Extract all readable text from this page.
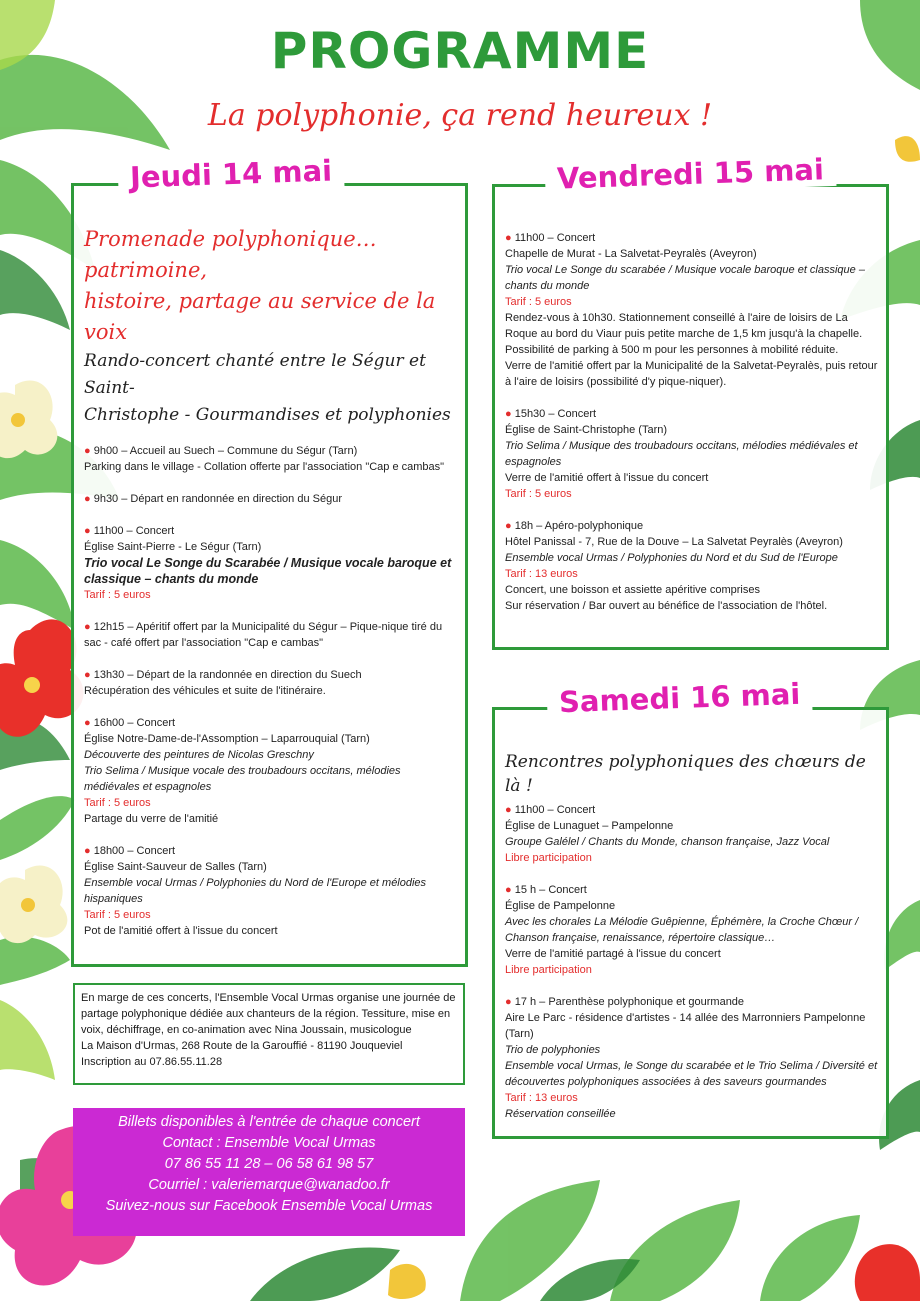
PROGRAMME

La polyphonie, ça rend heureux !

Jeudi 14 mai
Promenade polyphonique… patrimoine,
histoire, partage au service de la voix
Rando-concert chanté entre le Ségur et Saint-
Christophe - Gourmandises et polyphonies
● 9h00 – Accueil au Suech – Commune du Ségur (Tarn)
Parking dans le village - Collation offerte par l'association "Cap e cambas"
● 9h30 – Départ en randonnée en direction du Ségur
● 11h00 – Concert
Église Saint-Pierre - Le Ségur (Tarn)
Trio vocal Le Songe du Scarabée / Musique vocale baroque et classique – chants du monde
Tarif : 5 euros
● 12h15 – Apéritif offert par la Municipalité du Ségur – Pique-nique tiré du sac - café offert par l'association "Cap e cambas"
● 13h30 – Départ de la randonnée en direction du Suech
Récupération des véhicules et suite de l'itinéraire.
● 16h00 – Concert
Église Notre-Dame-de-l'Assomption – Laparrouquial (Tarn)
Découverte des peintures de Nicolas Greschny
Trio Selima / Musique vocale des troubadours occitans, mélodies médiévales et espagnoles
Tarif : 5 euros
Partage du verre de l'amitié
● 18h00 – Concert
Église Saint-Sauveur de Salles (Tarn)
Ensemble vocal Urmas / Polyphonies du Nord de l'Europe et mélodies hispaniques
Tarif : 5 euros
Pot de l'amitié offert à l'issue du concert
Vendredi 15 mai
● 11h00 – Concert
Chapelle de Murat - La Salvetat-Peyralès (Aveyron)
Trio vocal Le Songe du scarabée / Musique vocale baroque et classique – chants du monde
Tarif : 5 euros
Rendez-vous à 10h30. Stationnement conseillé à l'aire de loisirs de La Roque au bord du Viaur puis petite marche de 1,5 km jusqu'à la chapelle. Possibilité de parking à 500 m pour les personnes à mobilité réduite.
Verre de l'amitié offert par la Municipalité de la Salvetat-Peyralès, puis retour à l'aire de loisirs (possibilité d'y pique-niquer).
● 15h30 – Concert
Église de Saint-Christophe (Tarn)
Trio Selima / Musique des troubadours occitans, mélodies médiévales et espagnoles
Verre de l'amitié offert à l'issue du concert
Tarif : 5 euros
● 18h – Apéro-polyphonique
Hôtel Panissal - 7, Rue de la Douve – La Salvetat Peyralès (Aveyron)
Ensemble vocal Urmas / Polyphonies du Nord et du Sud de l'Europe
Tarif : 13 euros
Concert, une boisson et assiette apéritive comprises
Sur réservation / Bar ouvert au bénéfice de l'association de l'hôtel.
Samedi 16 mai
Rencontres polyphoniques des chœurs de là !
● 11h00 – Concert
Église de Lunaguet – Pampelonne
Groupe Galélel / Chants du Monde, chanson française, Jazz Vocal
Libre participation
● 15 h – Concert
Église de Pampelonne
Avec les chorales La Mélodie Guêpienne, Éphémère, la Croche Chœur / Chanson française, renaissance, répertoire classique…
Verre de l'amitié partagé à l'issue du concert
Libre participation
● 17 h – Parenthèse polyphonique et gourmande
Aire Le Parc - résidence d'artistes - 14 allée des Marronniers Pampelonne (Tarn)
Trio de polyphonies
Ensemble vocal Urmas, le Songe du scarabée et le Trio Selima / Diversité et découvertes polyphoniques associées à des saveurs gourmandes
Tarif : 13 euros
Réservation conseillée
En marge de ces concerts, l'Ensemble Vocal Urmas organise une journée de partage polyphonique dédiée aux chanteurs de la région. Tessiture, mise en voix, déchiffrage, en co-animation avec Nina Joussain, musicologue
La Maison d'Urmas, 268 Route de la Garouffié - 81190 Jouqueviel
Inscription au 07.86.55.11.28
Billets disponibles à l'entrée de chaque concert
Contact : Ensemble Vocal Urmas
07 86 55 11 28 – 06 58 61 98 57
Courriel : valeriemarque@wanadoo.fr
Suivez-nous sur Facebook Ensemble Vocal Urmas
